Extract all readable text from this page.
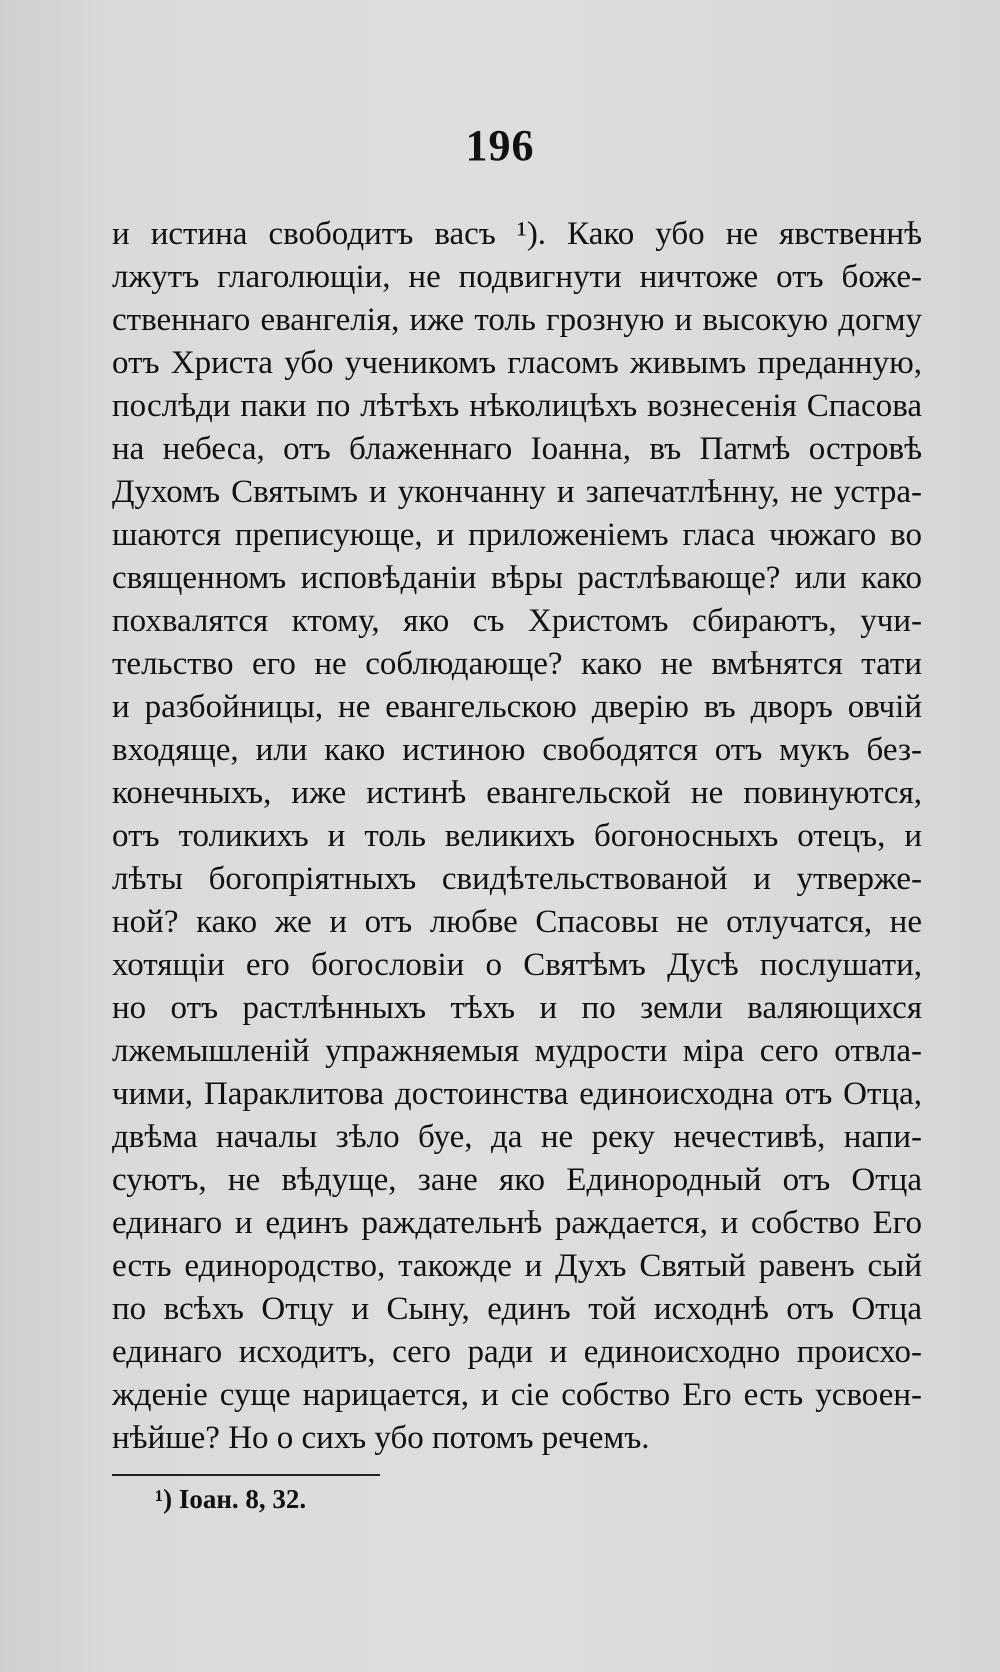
196
и истина свободитъ васъ ¹). Како убо не явственнѣ
лжутъ глаголющіи, не подвигнути ничтоже отъ боже-
ственнаго евангелія, иже толь грозную и высокую догму
отъ Христа убо ученикомъ гласомъ живымъ преданную,
послѣди паки по лѣтѣхъ нѣколицѣхъ вознесенія Спасова
на небеса, отъ блаженнаго Іоанна, въ Патмѣ островѣ
Духомъ Святымъ и укончанну и запечатлѣнну, не устра-
шаются преписующе, и приложеніемъ гласа чюжаго во
священномъ исповѣданіи вѣры растлѣвающе? или како
похвалятся ктому, яко съ Христомъ сбираютъ, учи-
тельство его не соблюдающе? како не вмѣнятся тати
и разбойницы, не евангельскою дверію въ дворъ овчій
входяще, или како истиною свободятся отъ мукъ без-
конечныхъ, иже истинѣ евангельской не повинуются,
отъ толикихъ и толь великихъ богоносныхъ отецъ, и
лѣты богопріятныхъ свидѣтельствованой и утверже-
ной? како же и отъ любве Спасовы не отлучатся, не
хотящіи его богословіи о Святѣмъ Дусѣ послушати,
но отъ растлѣнныхъ тѣхъ и по земли валяющихся
лжемышленій упражняемыя мудрости міра сего отвла-
чими, Параклитова достоинства единоисходна отъ Отца,
двѣма началы зѣло буе, да не реку нечестивѣ, напи-
суютъ, не вѣдуще, зане яко Единородный отъ Отца
единаго и единъ раждательнѣ раждается, и собство Его
есть единородство, такожде и Духъ Святый равенъ сый
по всѣхъ Отцу и Сыну, единъ той исходнѣ отъ Отца
единаго исходитъ, сего ради и единоисходно происхо-
жденіе суще нарицается, и сіе собство Его есть усвоен-
нѣйше? Но о сихъ убо потомъ речемъ.
¹) Іоан. 8, 32.
